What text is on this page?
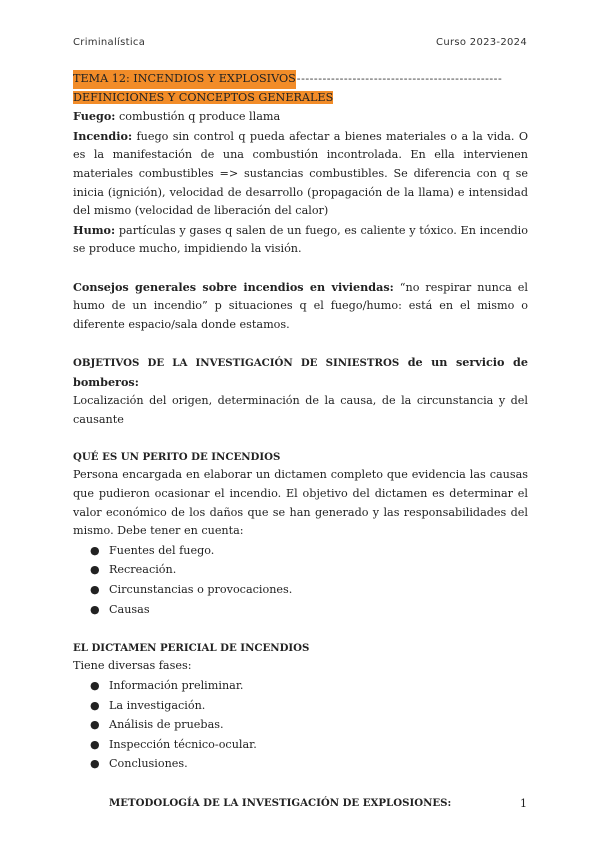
Criminalística	Curso 2023-2024
TEMA 12: INCENDIOS Y EXPLOSIVOS ------------------------------------------------
DEFINICIONES Y CONCEPTOS GENERALES

Fuego: combustión q produce llama

Incendio: fuego sin control q pueda afectar a bienes materiales o a la vida. O es la manifestación de una combustión incontrolada. En ella intervienen materiales combustibles => sustancias combustibles. Se diferencia con q se inicia (ignición), velocidad de desarrollo (propagación de la llama) e intensidad del mismo (velocidad de liberación del calor)

Humo: partículas y gases q salen de un fuego, es caliente y tóxico. En incendio se produce mucho, impidiendo la visión.

Consejos generales sobre incendios en viviendas: “no respirar nunca el humo de un incendio” p situaciones q el fuego/humo: está en el mismo o diferente espacio/sala donde estamos.

OBJETIVOS DE LA INVESTIGACIÓN DE SINIESTROS de un servicio de bomberos:

Localización del origen, determinación de la causa, de la circunstancia y del causante

QUÉ ES UN PERITO DE INCENDIOS

Persona encargada en elaborar un dictamen completo que evidencia las causas que pudieron ocasionar el incendio. El objetivo del dictamen es determinar el valor económico de los daños que se han generado y las responsabilidades del mismo. Debe tener en cuenta:

● Fuentes del fuego.
● Recreación.
● Circunstancias o provocaciones.
● Causas

EL DICTAMEN PERICIAL DE INCENDIOS

Tiene diversas fases:

● Información preliminar.
● La investigación.
● Análisis de pruebas.
● Inspección técnico-ocular.
● Conclusiones.

METODOLOGÍA DE LA INVESTIGACIÓN DE EXPLOSIONES:	1
